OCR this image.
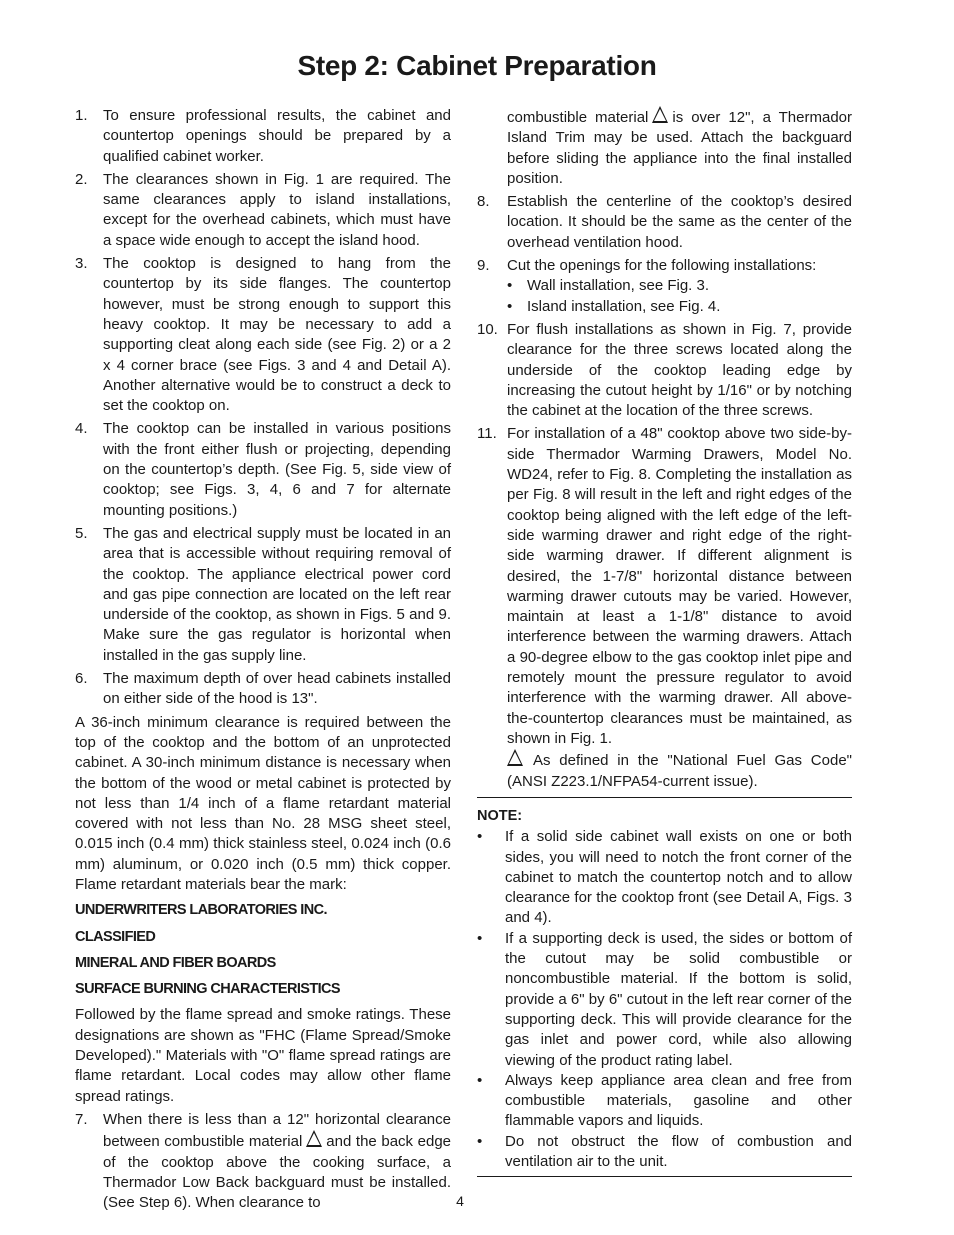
Step 2: Cabinet Preparation
1. To ensure professional results, the cabinet and countertop openings should be prepared by a qualified cabinet worker.
2. The clearances shown in Fig. 1 are required. The same clearances apply to island installations, except for the overhead cabinets, which must have a space wide enough to accept the island hood.
3. The cooktop is designed to hang from the countertop by its side flanges. The countertop however, must be strong enough to support this heavy cooktop. It may be necessary to add a supporting cleat along each side (see Fig. 2) or a 2 x 4 corner brace (see Figs. 3 and 4 and Detail A). Another alternative would be to construct a deck to set the cooktop on.
4. The cooktop can be installed in various positions with the front either flush or projecting, depending on the countertop’s depth. (See Fig. 5, side view of cooktop; see Figs. 3, 4, 6 and 7 for alternate mounting positions.)
5. The gas and electrical supply must be located in an area that is accessible without requiring removal of the cooktop. The appliance electrical power cord and gas pipe connection are located on the left rear underside of the cooktop, as shown in Figs. 5 and 9. Make sure the gas regulator is horizontal when installed in the gas supply line.
6. The maximum depth of over head cabinets installed on either side of the hood is 13".

A 36-inch minimum clearance is required between the top of the cooktop and the bottom of an unprotected cabinet. A 30-inch minimum distance is necessary when the bottom of the wood or metal cabinet is protected by not less than 1/4 inch of a flame retardant material covered with not less than No. 28 MSG sheet steel, 0.015 inch (0.4 mm) thick stainless steel, 0.024 inch (0.6 mm) aluminum, or 0.020 inch (0.5 mm) thick copper. Flame retardant materials bear the mark:

UNDERWRITERS LABORATORIES INC.
CLASSIFIED
MINERAL AND FIBER BOARDS
SURFACE BURNING CHARACTERISTICS

Followed by the flame spread and smoke ratings. These designations are shown as "FHC (Flame Spread/Smoke Developed)." Materials with "O" flame spread ratings are flame retardant. Local codes may allow other flame spread ratings.

7. When there is less than a 12" horizontal clearance between combustible material and the back edge of the cooktop above the cooking surface, a Thermador Low Back backguard must be installed. (See Step 6). When clearance to
combustible material is over 12", a Thermador Island Trim may be used. Attach the backguard before sliding the appliance into the final installed position.
8. Establish the centerline of the cooktop’s desired location. It should be the same as the center of the overhead ventilation hood.
9. Cut the openings for the following installations:
• Wall installation, see Fig. 3.
• Island installation, see Fig. 4.
10. For flush installations as shown in Fig. 7, provide clearance for the three screws located along the underside of the cooktop leading edge by increasing the cutout height by 1/16" or by notching the cabinet at the location of the three screws.
11. For installation of a 48" cooktop above two side-by-side Thermador Warming Drawers, Model No. WD24, refer to Fig. 8. Completing the installation as per Fig. 8 will result in the left and right edges of the cooktop being aligned with the left edge of the left-side warming drawer and right edge of the right-side warming drawer. If different alignment is desired, the 1-7/8" horizontal distance between warming drawer cutouts may be varied. However, maintain at least a 1-1/8" distance to avoid interference between the warming drawers. Attach a 90-degree elbow to the gas cooktop inlet pipe and remotely mount the pressure regulator to avoid interference with the warming drawer. All above-the-countertop clearances must be maintained, as shown in Fig. 1.
As defined in the "National Fuel Gas Code" (ANSI Z223.1/NFPA54-current issue).
NOTE:
• If a solid side cabinet wall exists on one or both sides, you will need to notch the front corner of the cabinet to match the countertop notch and to allow clearance for the cooktop front (see Detail A, Figs. 3 and 4).
• If a supporting deck is used, the sides or bottom of the cutout may be solid combustible or noncombustible material. If the bottom is solid, provide a 6" by 6" cutout in the left rear corner of the supporting deck. This will provide clearance for the gas inlet and power cord, while also allowing viewing of the product rating label.
• Always keep appliance area clean and free from combustible materials, gasoline and other flammable vapors and liquids.
• Do not obstruct the flow of combustion and ventilation air to the unit.
4
